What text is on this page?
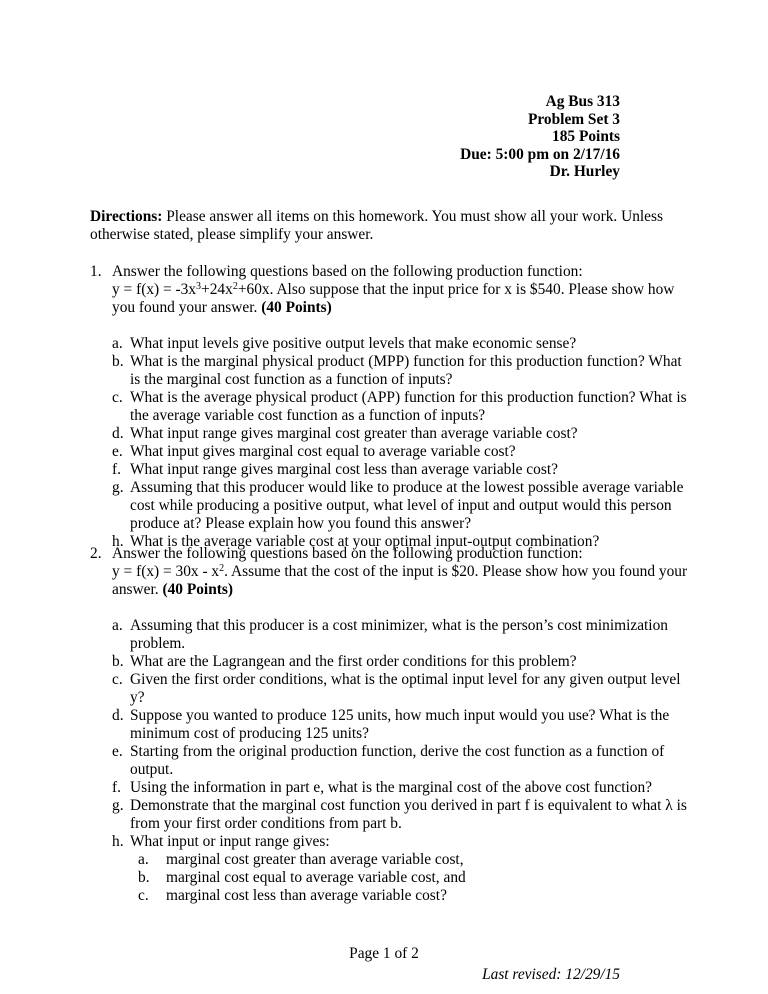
Ag Bus 313
Problem Set 3
185 Points
Due: 5:00 pm on 2/17/16
Dr. Hurley
Directions: Please answer all items on this homework. You must show all your work. Unless otherwise stated, please simplify your answer.
1. Answer the following questions based on the following production function:
$y = f(x) = -3x^3+24x^2+60x$. Also suppose that the input price for x is $540. Please show how you found your answer. (40 Points)
a. What input levels give positive output levels that make economic sense?
b. What is the marginal physical product (MPP) function for this production function? What is the marginal cost function as a function of inputs?
c. What is the average physical product (APP) function for this production function? What is the average variable cost function as a function of inputs?
d. What input range gives marginal cost greater than average variable cost?
e. What input gives marginal cost equal to average variable cost?
f. What input range gives marginal cost less than average variable cost?
g. Assuming that this producer would like to produce at the lowest possible average variable cost while producing a positive output, what level of input and output would this person produce at? Please explain how you found this answer?
h. What is the average variable cost at your optimal input-output combination?
2. Answer the following questions based on the following production function:
$y = f(x) = 30x - x^2$. Assume that the cost of the input is $20. Please show how you found your answer. (40 Points)
a. Assuming that this producer is a cost minimizer, what is the person’s cost minimization problem.
b. What are the Lagrangean and the first order conditions for this problem?
c. Given the first order conditions, what is the optimal input level for any given output level y?
d. Suppose you wanted to produce 125 units, how much input would you use? What is the minimum cost of producing 125 units?
e. Starting from the original production function, derive the cost function as a function of output.
f. Using the information in part e, what is the marginal cost of the above cost function?
g. Demonstrate that the marginal cost function you derived in part f is equivalent to what λ is from your first order conditions from part b.
h. What input or input range gives:
a.	marginal cost greater than average variable cost,
b.	marginal cost equal to average variable cost, and
c.	marginal cost less than average variable cost?
Page 1 of 2
Last revised: 12/29/15
